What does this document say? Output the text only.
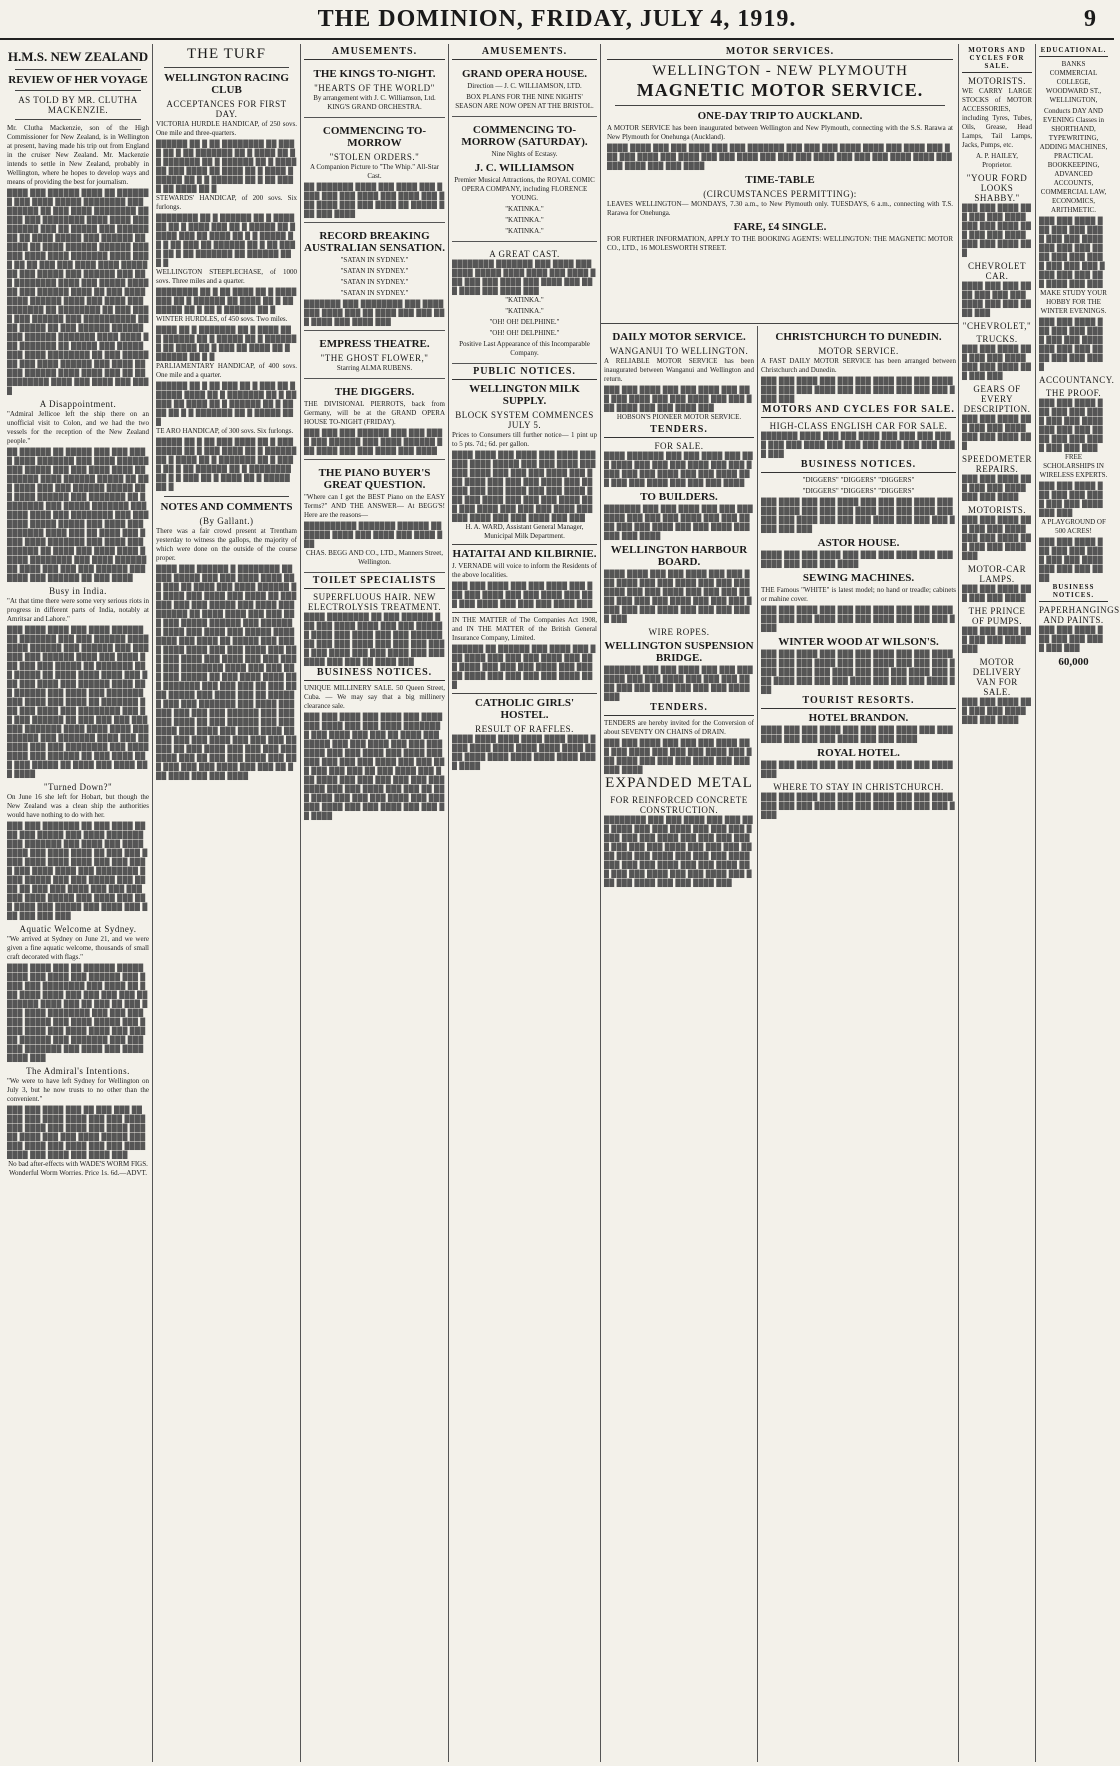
THE DOMINION, FRIDAY, JULY 4, 1919.	9
H.M.S. NEW ZEALAND
REVIEW OF HER VOYAGE
AS TOLD BY MR. CLUTHA MACKENZIE.

Mr. Clutha Mackenzie, son of the High Commissioner for New Zealand, is in Wellington at present, having made his trip out from England in the cruiser New Zealand. Mr. Mackenzie intends to settle in New Zealand, probably in Wellington, where he hopes to develop ways and means of providing the best for journalism.

████ ███ ██████ ████ ██ ███████ ███ ████ █████ ████████ ███ ██████ ██ ███ ████ ████████ █████ ███ ████████ ████ ████ ███ ██████ ███ ██ █████ ███ ████████ ██ ████ █████ ███ ██████ ██████ ██ ████ ██████ ██████ ███ ███ ████ ████ ███████ ████ ████ ██ ██ ███ ███ ████ ████ █████ ██ ███ █████ ███ ██████ ███ ███ ████████ ████ ███ █████ ██████ ███ ██████ ████ ██ ███ ████████ ██████ ████ ███ ████ ███ ███████ ██ ████████ ██ ███ ████ ███ ██████ ███ ██████████ ████ █████ ██ ███ ██████ ██████ ███ ██████ ███████ ████ ████ ███ ███████ ██ █████ ███ █████ ███ ████ ████████ ██ ███ ███████ ███ ████ ██████ ███ ████ ██ ███ ██████ ████ ████ ███ ██ ██████████ ████ ███ ████ ███ ████
A Disappointment.

"Admiral Jellicoe left the ship there on an unofficial visit to Colon, and we had the two vessels for the reception of the New Zealand people."

██ ██████ ██ █████ ███ ███ ████ ████ ███████ ███ ████ ██████ ███ █████ ███ ███ ████ ████ ████████ ████ ██████ █████ ██ ███ ████ ███ ███ ██████ █████ ███ ████ ██████ ███ ███████ ██ ████████ ███ █████ ███████ ███ ████ ████ ███ ████████ ███ ███████ █████ █████ ███ ████ ███ ███████ ████ ███ ██ ████ ███ ████ ████ ███████ ███ ████ ███ ██████ ██ ████ ███ ████ ████ █████ ████████ ███ ████ ██████ ██ ████ ███ ███ ███ ██████ ███ ████ ███ ██████ ██ ███ ████
Busy in India.

"At that time there were some very serious riots in progress in different parts of India, notably at Amritsar and Lahore."

███ ████ ████ ███ ████ ██████ ██ ███████ ███ ███ ██████ ████ ████ ██████ ███ ██████ ███ ███ ███ ███ ██████ ████ ███ ████ ███ ███ ███ █████ ██ ███████ ███ █████ ██ ████ ████ ████ ███ ███ ███ ████ ███ ██████ ████ ███ ██████ ███ ████ ███ ███████ ███ ████ ███ ████ ██ ███████ ███ ███ ████ ███ ████████ ███ ██ ███ ██████ ██ ███ ███ ███ ██████ ███████ ████ ████ ████ ███ ██████ ███ ███████ ████ ███ ██████ ███ ███ ████████ ███ ████ ████ ███ ██████ ██ ███ ████ ███ ███ █████ ██ ████ ███ ████ ███ ████
"Turned Down?"

On June 16 she left for Hobart, but though the New Zealand was a clean ship the authorities would have nothing to do with her.

███ ███ ███████ ██ ███ ████ ████ ███ █████ ███ ████ ███████ ███ ███████ ███ ████ ███ ████ ████ ███ ████ ████ ██ ███ ███ ████ ████ ████ ████ ███ ███ ████ ███ ████ ████ ███ ████████ ████ █████ ███ ███ █████ ███ ████ ██ ███ ███ ████ ███ ███ ███ ███ ████ █████ ███ ████ ███ ███ ████ ███ █████ ███ ████ ███ ███ ███ ███ ███
Aquatic Welcome at Sydney.

"We arrived at Sydney on June 21, and we were given a fine aquatic welcome, thousands of small craft decorated with flags."

████ ████ ███ ██ ██████ █████ ████ ███ ████ ███ ██████ ███ ████ ███ ████████ ███ ████ ██ ███ ████ ████ ███ ███ ███ ███ ████████ ████ ███ ██ ███ ██ ███ ████ ████ ████████ ███ ███ ███ ███ █████ ███ ████ █████ ███ ████ ████ ███ ████ ████ ███ █████ ██████ ███ ███████ ███ ███ ███ ███████ ███ ████ ███ ████ ████ ███
The Admiral's Intentions.

"We were to have left Sydney for Wellington on July 3, but he now trusts to no other than the convenient."

███ ███ ████ ███ ██ ███ ███ ██ ███ ███ ████ ████ ███ ███ ████ ███ ████ ███ ████ ███ ████ ███ ██ ████ ███ ███ ████ █████ ███ ███ ████ ███ ████ ███ ███ ████ ████ ███ ████ ███ ████ ███

No bad after-effects with WADE'S WORM FIGS. Wonderful Worm Worries. Price 1s. 6d.—ADVT.

THE TURF
WELLINGTON RACING CLUB
ACCEPTANCES FOR FIRST DAY.

VICTORIA HURDLE HANDICAP, of 250 sovs. One mile and three-quarters.

██████ ██ █ ██ ████████ ██ ████ ██ █ ██ ███████ ██ █ ████ ██ █ █ ███████ ██ █ ██████ ██ █ ████ ██ ███ ████ ██ ████ ██ █ ████ ██████ ██ █ █ ██████ ██ █ ██ ███ █ ██ ████ ██ █

STEWARDS' HANDICAP, of 200 sovs. Six furlongs.

████████ ██ █ ██████ ██ █ ██████ ██ █ ████ ███ ██ █ █████ ██ █ ████ ███ ██ ████ ██ █ █ █████ ██ █ ██ ███ ██ ██████ ██ █ ██ ████ ██ █ ██ ███████ ██ ██████ ██ █ █

WELLINGTON STEEPLECHASE, of 1000 sovs. Three miles and a quarter.

████████ ██ █ ██ ████ ██ █ ███████ ██ █ ██████ ██ ████ ██ █ ███████ ██ █ ██ █ ██████ ██ █

WINTER HURDLES, of 450 sovs. Two miles.

████ ██ █ ███████ ██ █ ████ ██ █ ██████ ██ █ █████ ██ █ ███████ ██ ████ ██ █ ███ ██ ████ ██ █ ██████ ██ █ █

PARLIAMENTARY HANDICAP, of 400 sovs. One mile and a quarter.

██████ ██ █ ██ ███ ██ █ ███ ██ █ █████ ████ ██ █ ███████ ██ █ ██ ███ ██ ████ ██ █ ██████ ██ █ ████ ██ █ █ ███████ ██ █ █████ ██ █

TE ARO HANDICAP, of 300 sovs. Six furlongs.

█████ ██ █ ██ ███ ████ ██ █ ████████ ██ █ ███ ████ ██ █ ██████ ██ █ ████ ██ █ ███████ ██ █ ████ ██ █ ██ ██████ ██ █ ████████ ██ █ █ ███ ██ █ ████ ██ █ █████ ██ █
NOTES AND COMMENTS
(By Gallant.)

There was a fair crowd present at Trentham yesterday to witness the gallops, the majority of which were done on the outside of the course proper.

████ ███ ██████ █ ████████ ██ ███ █████ ███ ███ ████ ████ ███ ███ ██ ████ ███ ████ ██████ ██ ████ ███ ████ ███ ████ ██ ███ ███ ███ ███ █████ ███ ████ ███ ██████ ██ ████ ████ ███ ███ ███ ███ █████ ██████ ███ ███████ ████ ███ ████ ███ █████ ████ ████ ███ ████ ██ █████ ███ ████ ████ ████ ███ ███ ████ ███ ███ ███ ████ ███ ████ ███ ███ ████ ███ ████████ ████ ███ ███ ███ ███ █████ ██ ███ ████ ████ ███ ███████ ███ ███ ███ ██ ███ ████ █████ ███ ████ ███ ██ ██████ ███ ███ ███████ ███ ████ ███ ███ ███ ███ ███ ██████ ███ ███ ███ ████ ██ ███ ██████ ███ ███ ████ ███ ████ ███ ████ ████ ██ ███ ███ ███ ████ ███ ███ ███ █████ ██ ███ ████ ███ ███ ███ ███ ████ ███ ██ ███ ███ ████ ███ ███ ███ ███ ███ ████ ███ ███ ██ ███ ████ ███ ███ ████
AMUSEMENTS.
THE KINGS TO-NIGHT.
"HEARTS OF THE WORLD"

By arrangement with J. C. Williamson, Ltd. KING'S GRAND ORCHESTRA.

COMMENCING TO-MORROW
"STOLEN ORDERS."

A Companion Picture to "The Whip." All-Star Cast.

██ ███████ ████ ███ ████ ███ ████ ███ ███ ████ ███ ████ ███ ███ ████ ███ ███ ████ ██ █████ ███ ███ ████
RECORD BREAKING AUSTRALIAN SENSATION.

"SATAN IN SYDNEY."

"SATAN IN SYDNEY."

"SATAN IN SYDNEY."

"SATAN IN SYDNEY."

███████ ███ ████████ ███ ████ ███ ████ ███ ██ ████ ███ ███ ███ ████ ███ ████ ███
EMPRESS THEATRE.
"THE GHOST FLOWER,"

Starring ALMA RUBENS.

THE DIGGERS.

THE DIVISIONAL PIERROTS, back from Germany, will be at the GRAND OPERA HOUSE TO-NIGHT (FRIDAY).

███ ███ ███ ██████ ███ ███ ████ ███ ██████ ███ ████ ██████ ███ ████ ███ ███ ████ ███ ████
THE PIANO BUYER'S GREAT QUESTION.

"Where can I get the BEST Piano on the EASY Terms?" AND THE ANSWER— At BEGG'S! Here are the reasons—

██████████ ███████ ██████ ███████ ████ ███ ████ ███ ████ ███

CHAS. BEGG AND CO., LTD., Manners Street, Wellington.

TOILET SPECIALISTS
SUPERFLUOUS HAIR. NEW ELECTROLYSIS TREATMENT.
████ ████████ ██ ███ ██████ ███ ███ ████ ████ ███ ███ ██████ ████ ███ ████ ███ ███ ████████ ███ ███ ████ ███ ███ ███ ████ ███ ████ ███ ███ ████ ███ ███ ████ ███ ███ ██ ████ ███
BUSINESS NOTICES.

UNIQUE MILLINERY SALE. 50 Queen Street, Cuba. — We may say that a big millinery clearance sale.

███ ███ ████ ███ ████ ███ ████ ███ ████ ███ ███ ████ ████████ ███ ████ ███ ███ ██ ████ ███ █████ ███ ███ ████ ███ ███ ███ ████ ███ ███ ████ ███ ████ ██████ ███ ███ ███ ████ ███ ███ ███ ███ ███ ███ ██ ███ ████ ███ ███ ████ ███ ███ ███ ███ ███ ███ ████ ███ ███ ████ ███ ███ ██ ███ ████ ███ ███ ███ ████ ███ ███ ███ ████ ███ ███ ████ ███ ███ ██ ████
AMUSEMENTS.
GRAND OPERA HOUSE.

Direction — J. C. WILLIAMSON, LTD.

BOX PLANS FOR THE NINE NIGHTS' SEASON ARE NOW OPEN AT THE BRISTOL.

COMMENCING TO-MORROW (SATURDAY).

Nine Nights of Ecstasy.

J. C. WILLIAMSON

Premier Musical Attractions, the ROYAL COMIC OPERA COMPANY, including FLORENCE YOUNG.

"KATINKA."

"KATINKA."

"KATINKA."

A GREAT CAST.
████████ ███████ ███ ████ ███ ████ █████ ████ ████ ███ ████ ███ ███ ███ ████ ███ ████ ███ ███ ████ ███ ████ ███

"KATINKA."

"KATINKA."

"OH! OH! DELPHINE."

"OH! OH! DELPHINE."

Positive Last Appearance of this Incomparable Company.

PUBLIC NOTICES.
WELLINGTON MILK SUPPLY.
BLOCK SYSTEM COMMENCES JULY 5.

Prices to Consumers till further notice— 1 pint up to 5 pts. 7d.; 6d. per gallon.

████ ████ ███ ████ ███ ████ ███ ███ ████ █████ ███ ███ ████ ███ ███ ████ ███ ███ ███ ████ ███ ███ ████ ███ ███ ███ ████ ███ ██ ███ ███ ███ ████ ███ ███ ████ ███ ███ ████ ███ ███ ███ ████ ███ ███ ████ ███ ███ ███ ████ ███ ███ ████ ███ ███ ████ ███ ███

H. A. WARD, Assistant General Manager, Municipal Milk Department.

HATAITAI AND KILBIRNIE.

J. VERNADE will voice to inform the Residents of the above localities.

███ ███ ████ ███ ███ ████ ███ ███ ███ ████ ███ ███ ████ ███ ███ ███ ████ ███ ███ ███ ████ ███

IN THE MATTER of The Companies Act 1908, and IN THE MATTER of the British General Insurance Company, Limited.

██████ ██ ██████ ███ ████ ███ ███ ████ ███ ███ ███ ████ ███ ███ ████ ███ ███ ███ ████ ███ ███ ██ ████ ███ ███ ███ ███ ████ ███
CATHOLIC GIRLS' HOSTEL.
RESULT OF RAFFLES.
████ ████ ████ ████ ████ ████ ████ ████ ████ ████ ████ ████ ████ ████ ████ ████ ████ ████ ████ ████
MOTOR SERVICES.
WELLINGTON - NEW PLYMOUTH
MAGNETIC MOTOR SERVICE.
ONE-DAY TRIP TO AUCKLAND.

A MOTOR SERVICE has been inaugurated between Wellington and New Plymouth, connecting with the S.S. Rarawa at New Plymouth for Onehunga (Auckland).

████ ████ ███ ███ ████ ███ ███ ███████ ███ ███ ███ ████ ████ ███ ████ ███ ███ ███ ████ ███ ████ ███ ███ ████ ███ ███ ███ ████ ███ ███ ███ ████ ████ ███ ███ ████ ███ ███ ████
TIME-TABLE
(CIRCUMSTANCES PERMITTING):

LEAVES WELLINGTON— MONDAYS, 7.30 a.m., to New Plymouth only. TUESDAYS, 6 a.m., connecting with T.S. Rarawa for Onehunga.

FARE, £4 SINGLE.

FOR FURTHER INFORMATION, APPLY TO THE BOOKING AGENTS: WELLINGTON: THE MAGNETIC MOTOR CO., LTD., 16 MOLESWORTH STREET.

DAILY MOTOR SERVICE.
WANGANUI TO WELLINGTON.

A RELIABLE MOTOR SERVICE has been inaugurated between Wanganui and Wellington and return.

███ ███ ████ ███ ███ ████ ███ ███ ███ ████ ███ ███ ████ ███ ███ ███ ████ ███ ███ ████ ███

HOBSON'S PIONEER MOTOR SERVICE.

TENDERS.
FOR SALE.
████ ███████ ███ ███ ████ ███ ███ ████ ███ ███ ███ ████ ███ ███ ████ ███ ███ ████ ███ ███ ████ ███ ███ ███ ████ ███ ███ ███ ████
TO BUILDERS.
███████ ███ ███ ████ ███ ███ ███ ████ ███ ███ ███ ████ ███ ███ ████ ███ ███ ████ ███ ███ ████ ███ ███ ███ ████
WELLINGTON HARBOUR BOARD.
████ ████ ███ ███ ████ ███ ███ ███ ████ ███ ███ ████ ███ ███ ███ ████ ███ ███ ████ ███ ███ ███ ████ ███ ███ ███ ████ ███ ███ ███ ████ ███ ███ ████ ███ ███ ███ ████ ███
WIRE ROPES.
WELLINGTON SUSPENSION BRIDGE.
███████ ███ ███ ████ ███ ███ ███ ████ ███ ███ ████ ███ ███ ███ ████ ███ ███ ████ ███ ███ ███ ████ ███
TENDERS.

TENDERS are hereby invited for the Conversion of about SEVENTY ON CHAINS of DRAIN.

███ ███ ████ ███ ███ ███ ████ ███ ███ ████ ███ ███ ███ ████ ███ ███ ████ ███ ███ ███ ████ ███ ███ ███ ████
EXPANDED METAL
FOR REINFORCED CONCRETE CONSTRUCTION.
████████ ███ ███ ████ ███ ███ ███ ████ ███ ███ ████ ███ ███ ███ ████ ███ ███ ████ ███ ███ ███ ████ ███ ███ ███ ████ ███ ███ ███ ████ ███ ███ ████ ███ ███ ███ ████ ███ ███ ███ ████ ███ ███ ████ ███ ███ ███ ████ ███ ███ ████ ███ ███ ███ ████ ███ ███ ████ ███
CHRISTCHURCH TO DUNEDIN.
MOTOR SERVICE.

A FAST DAILY MOTOR SERVICE has been arranged between Christchurch and Dunedin.

███ ███ ████ ███ ███ ███ ████ ███ ███ ████ ███ ███ ███ ████ ███ ███ ████ ███ ███ ███ ████ ███
MOTORS AND CYCLES FOR SALE.
HIGH-CLASS ENGLISH CAR FOR SALE.
███████ ████ ███ ███ ████ ███ ███ ███ ████ ███ ███ ████ ███ ███ ███ ████ ███ ███ ████ ███
BUSINESS NOTICES.

"DIGGERS" "DIGGERS" "DIGGERS"

"DIGGERS" "DIGGERS" "DIGGERS"

███ ████ ███ ███ ████ ███ ███ ███ ████ ███ ███ ████ ███ ███ ███ ████ ███ ███ ████ ███ ███ ███ ████ ███ ███ ███ ████ ███ ███ ███ ████ ███ ███
ASTOR HOUSE.
████ ███ ███ ████ ███ ███ ███ ████ ███ ███ ████ ███ ███ ███ ████
SEWING MACHINES.

THE Famous "WHITE" is latest model; no hand or treadle; cabinets or mahine cover.

███ ███ ████ ███ ███ ███ ████ ███ ███ ████ ███ ███ ███ ████ ███ ███ ████ ███ ███ ███ ████
WINTER WOOD AT WILSON'S.
███ ███ ████ ███ ███ ███ ████ ███ ███ ████ ███ ███ ███ ████ ███ ███ ████ ███ ███ ███ ████ ███ ███ ███ ████ ███ ███ ███ ████ ███ ███ ████ ███ ███ ███ ████ ███ ███ ███ ████ ███
TOURIST RESORTS.
HOTEL BRANDON.
████ ███ ███ ████ ███ ███ ███ ████ ███ ███ ████ ███ ███ ███ ████ ███ ███ ████
ROYAL HOTEL.
███ ███ ████ ███ ███ ███ ████ ███ ███ ████ ███
WHERE TO STAY IN CHRISTCHURCH.
███ ███ ████ ███ ███ ███ ████ ███ ███ ████ ███ ███ ███ ████ ███ ███ ████ ███ ███ ███ ████
MOTORS AND CYCLES FOR SALE.
MOTORISTS.

WE CARRY LARGE STOCKS of MOTOR ACCESSORIES, including Tyres, Tubes, Oils, Grease, Head Lamps, Tail Lamps, Jacks, Pumps, etc.

A. P. HAILEY, Proprietor.

"YOUR FORD LOOKS SHABBY."
███ ███ ████ ███ ███ ███ ████ ███ ███ ████ ███ ███ ███ ████ ███ ███ ████ ███
CHEVROLET CAR.
████ ███ ███ ████ ███ ███ ███ ████ ███ ███ ████ ███
"CHEVROLET,"
TRUCKS.
███ ███ ████ ███ ███ ███ ████ ███ ███ ████ ███ ███ ███
GEARS OF EVERY DESCRIPTION.
███ ███ ████ ███ ███ ███ ████ ███ ███ ████ ███
SPEEDOMETER REPAIRS.
███ ███ ████ ███ ███ ███ ████ ███ ███ ████
MOTORISTS.
███ ███ ████ ███ ███ ███ ████ ███ ███ ████ ███ ███ ███ ████ ███
MOTOR-CAR LAMPS.
███ ███ ████ ███ ███ ███ ████
THE PRINCE OF PUMPS.
███ ███ ████ ███ ███ ███ ████ ███
MOTOR DELIVERY VAN FOR SALE.
███ ███ ████ ███ ███ ███ ████ ███ ███ ████
EDUCATIONAL.

BANKS COMMERCIAL COLLEGE, WOODWARD ST., WELLINGTON,

Conducts DAY AND EVENING Classes in SHORTHAND, TYPEWRITING, ADDING MACHINES, PRACTICAL BOOKKEEPING, ADVANCED ACCOUNTS, COMMERCIAL LAW, ECONOMICS, ARITHMETIC.

███ ███ ████ ███ ███ ███ ████ ███ ███ ████ ███ ███ ███ ████ ███ ███ ████ ███ ███ ███ ████ ███ ███ ███ ████ ███ ███

MAKE STUDY YOUR HOBBY FOR THE WINTER EVENINGS.

███ ███ ████ ███ ███ ███ ████ ███ ███ ████ ███ ███ ███ ████ ███ ███ ████
ACCOUNTANCY.
THE PROOF.
███ ███ ████ ███ ███ ███ ████ ███ ███ ████ ███ ███ ███ ████ ███ ███ ████ ███ ███ ███

FREE SCHOLARSHIPS IN WIRELESS EXPERTS.

███ ███ ████ ███ ███ ███ ████ ███ ███ ████ ███ ███

A PLAYGROUND OF 500 ACRES!

███ ███ ████ ███ ███ ███ ████ ███ ███ ████ ███ ███ ███ ████
BUSINESS NOTICES.
PAPERHANGINGS AND PAINTS.
███ ███ ████ ███ ███ ███ ████ ███ ███
60,000
